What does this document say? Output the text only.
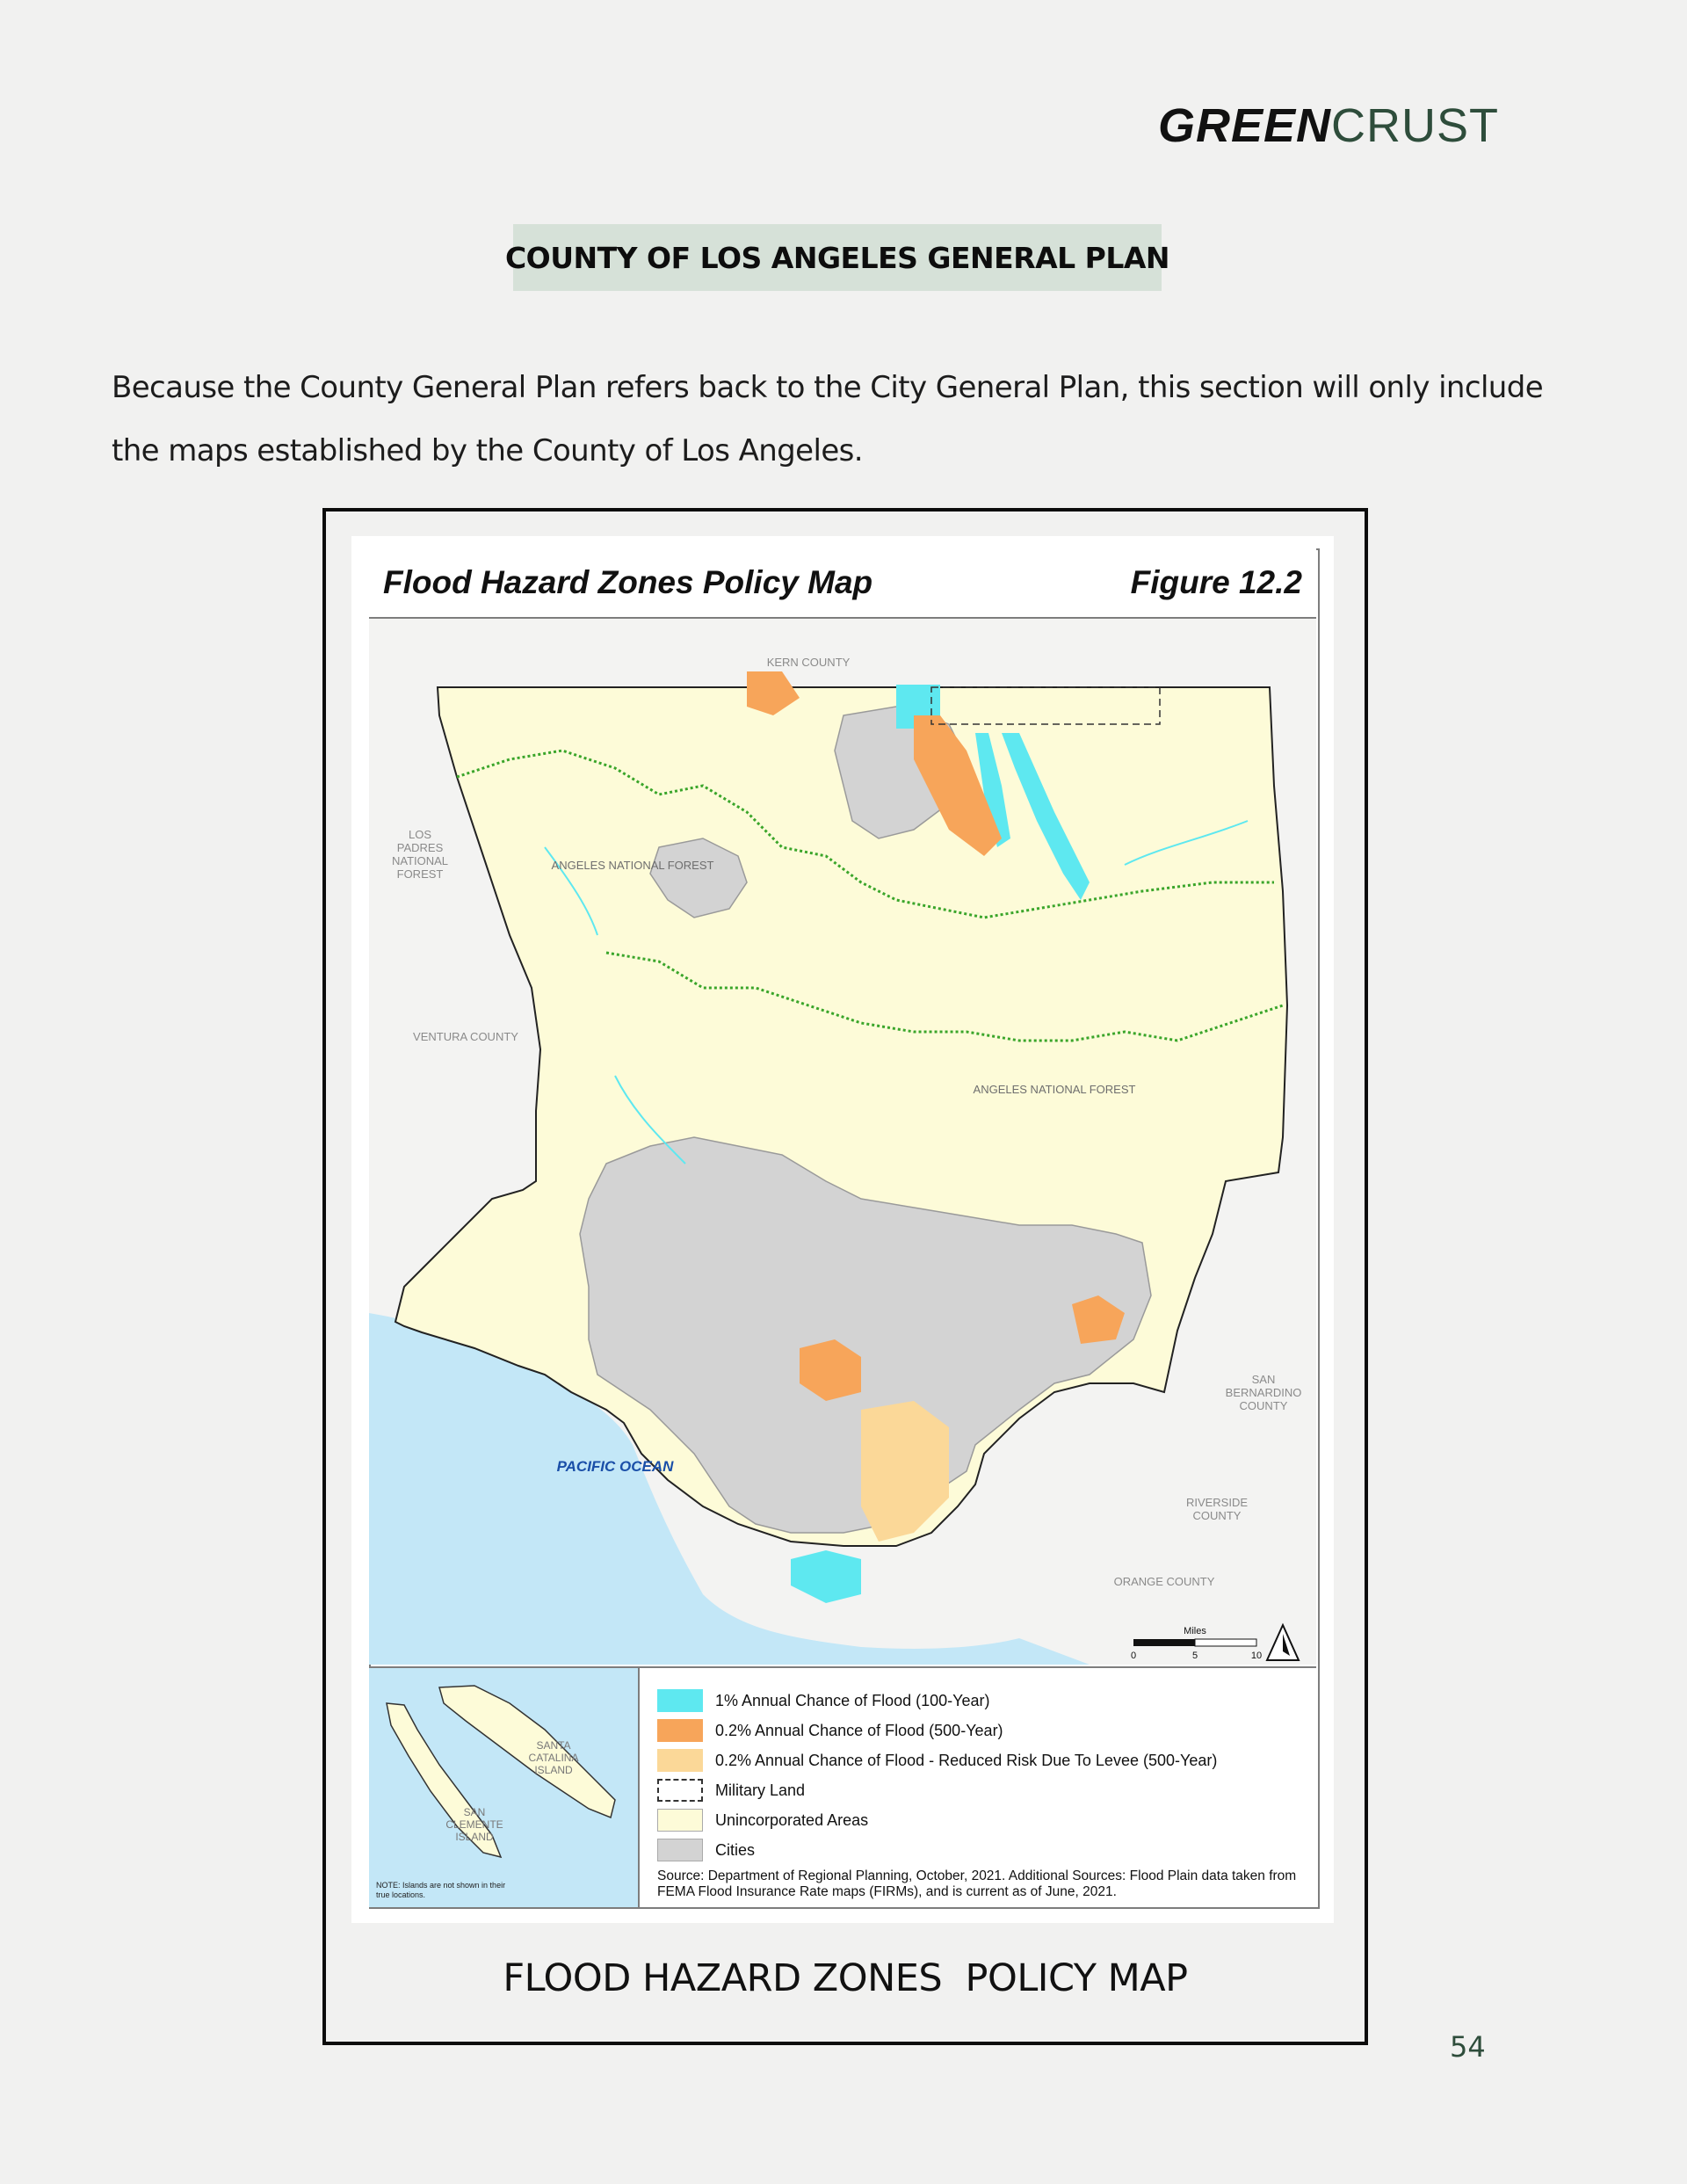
GREENCRUST
COUNTY OF LOS ANGELES GENERAL PLAN
Because the County General Plan refers back to the City General Plan, this section will only include the maps established by the County of Los Angeles.
Flood Hazard Zones Policy Map	Figure 12.2
KERN COUNTY
LOS
PADRES
NATIONAL
FOREST
ANGELES NATIONAL FOREST
ANGELES NATIONAL FOREST
VENTURA COUNTY
PACIFIC OCEAN
SAN
BERNARDINO
COUNTY
RIVERSIDE
COUNTY
ORANGE COUNTY
Miles
0	5	10
SANTA
CATALINA
ISLAND
SAN
CLEMENTE
ISLAND
NOTE: Islands are not shown in their true locations.
1% Annual Chance of Flood (100-Year)
0.2% Annual Chance of Flood (500-Year)
0.2% Annual Chance of Flood - Reduced Risk Due To Levee (500-Year)
Military Land
Unincorporated Areas
Cities
Source: Department of Regional Planning, October, 2021. Additional Sources: Flood Plain data taken from FEMA Flood Insurance Rate maps (FIRMs), and is current as of June, 2021.
FLOOD HAZARD ZONES  POLICY MAP
54
